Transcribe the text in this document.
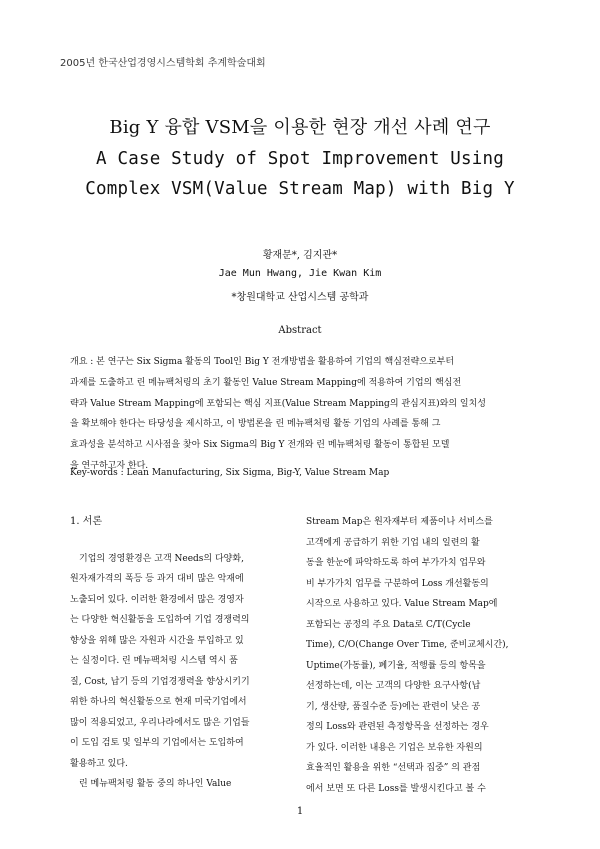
2005년 한국산업경영시스템학회 추계학술대회
Big Y 융합 VSM을 이용한 현장 개선 사례 연구
A Case Study of Spot Improvement Using
Complex VSM(Value Stream Map) with Big Y
황재문*, 김지관*
Jae Mun Hwang, Jie Kwan Kim
*창원대학교 산업시스템 공학과
Abstract
개요 : 본 연구는 Six Sigma 활동의 Tool인 Big Y 전개방법을 활용하여 기업의 핵심전략으로부터
과제를 도출하고 린 메뉴팩처링의 초기 활동인 Value Stream Mapping에 적용하여 기업의 핵심전
략과 Value Stream Mapping에 포함되는 핵심 지표(Value Stream Mapping의 관심지표)와의 일치성
을 확보해야 한다는 타당성을 제시하고, 이 방법론을 린 메뉴팩처링 활동 기업의 사례를 통해 그
효과성을 분석하고 시사점을 찾아 Six Sigma의 Big Y 전개와 린 메뉴팩처링 활동이 통합된 모델
을 연구하고자 한다.
Key-words : Lean Manufacturing, Six Sigma, Big-Y, Value Stream Map
1. 서론
　기업의 경영환경은 고객 Needs의 다양화,
원자재가격의 폭등 등 과거 대비 많은 악재에
노출되어 있다. 이러한 환경에서 많은 경영자
는 다양한 혁신활동을 도입하여 기업 경쟁력의
향상을 위해 많은 자원과 시간을 투입하고 있
는 실정이다. 린 메뉴팩처링 시스템 역시 품
질, Cost, 납기 등의 기업경쟁력을 향상시키기
위한 하나의 혁신활동으로 현재 미국기업에서
많이 적용되었고, 우리나라에서도 많은 기업들
이 도입 검토 및 일부의 기업에서는 도입하여
활용하고 있다.
　린 메뉴팩처링 활동 중의 하나인 Value
Stream Map은 원자재부터 제품이나 서비스를
고객에게 공급하기 위한 기업 내의 일련의 활
동을 한눈에 파악하도록 하여 부가가치 업무와
비 부가가치 업무를 구분하여 Loss 개선활동의
시작으로 사용하고 있다. Value Stream Map에
포함되는 공정의 주요 Data로 C/T(Cycle
Time), C/O(Change Over Time, 준비교체시간),
Uptime(가동률), 폐기율, 적행률 등의 항목을
선정하는데, 이는 고객의 다양한 요구사항(납
기, 생산량, 품질수준 등)에는 관련이 낮은 공
정의 Loss와 관련된 측정항목을 선정하는 경우
가 있다. 이러한 내용은 기업은 보유한 자원의
효율적인 활용을 위한 “선택과 집중” 의 관점
에서 보면 또 다른 Loss를 발생시킨다고 볼 수
1
